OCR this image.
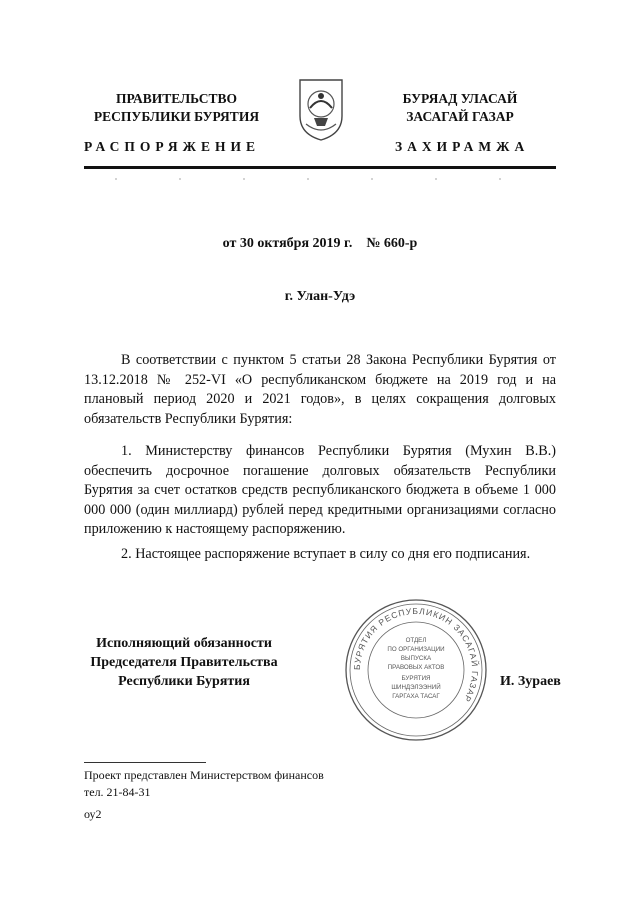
ПРАВИТЕЛЬСТВО
РЕСПУБЛИКИ БУРЯТИЯ
БУРЯАД УЛАСАЙ
ЗАСАГАЙ ГАЗАР
РАСПОРЯЖЕНИЕ	ЗАХИРАМЖА
от 30 октября 2019 г.    № 660-р
г. Улан-Удэ

В соответствии с пунктом 5 статьи 28 Закона Республики Бурятия от 13.12.2018 № 252-VI «О республиканском бюджете на 2019 год и на плановый период 2020 и 2021 годов», в целях сокращения долговых обязательств Республики Бурятия:

1. Министерству финансов Республики Бурятия (Мухин В.В.) обеспечить досрочное погашение долговых обязательств Республики Бурятия за счет остатков средств республиканского бюджета в объеме 1 000 000 000 (один миллиард) рублей перед кредитными организациями согласно приложению к настоящему распоряжению.

2. Настоящее распоряжение вступает в силу со дня его подписания.

Исполняющий обязанности
Председателя Правительства
Республики Бурятия
БУРЯТИЯ РЕСПУБЛИКИН ЗАСАГАЙ ГАЗАР
ОТДЕЛ
ПО ОРГАНИЗАЦИИ
ВЫПУСКА
ПРАВОВЫХ АКТОВ
БУРЯТИЯ
ШИНДЭЛЭЭНИЙ
ГАРГАХА ТАСАГ
И. Зураев
Проект представлен Министерством финансов
тел. 21-84-31
оу2
